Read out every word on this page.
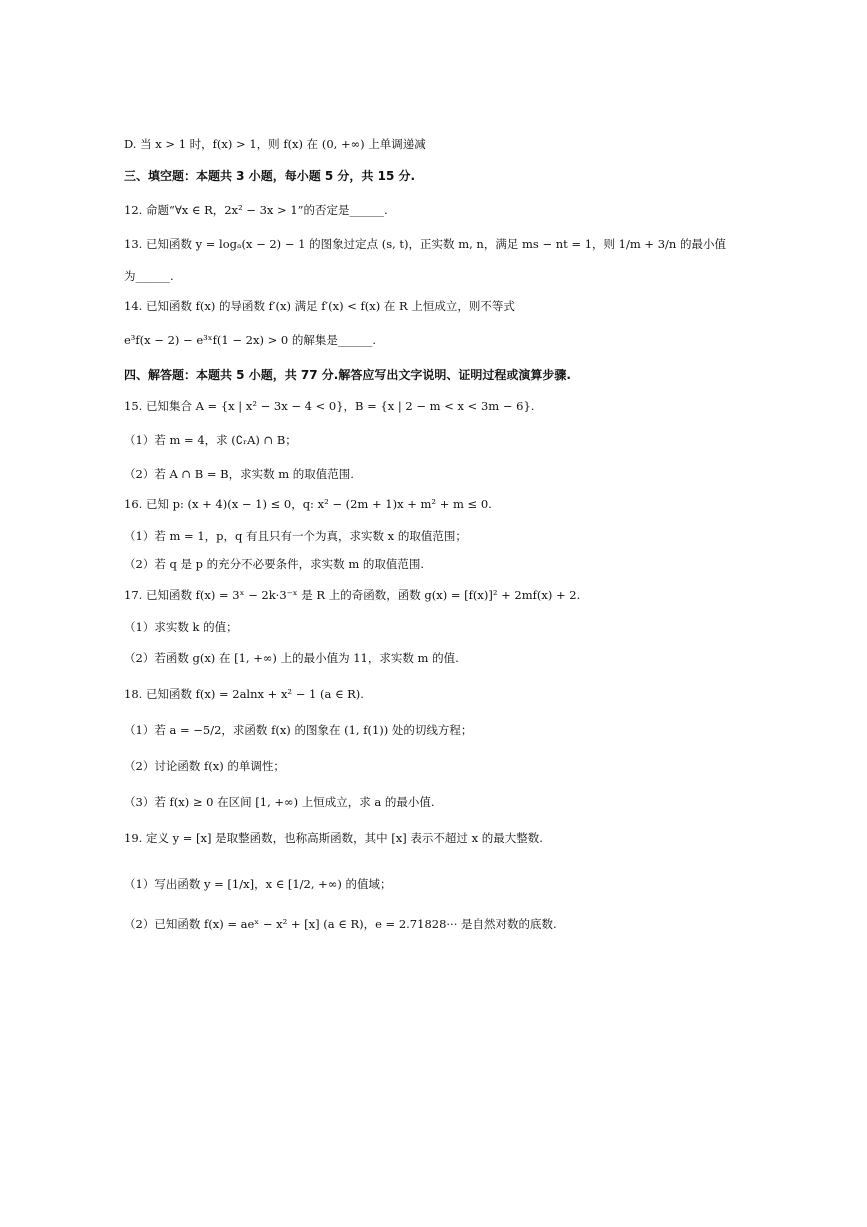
D. 当 x > 1 时，f(x) > 1，则 f(x) 在 (0, +∞) 上单调递减
三、填空题：本题共 3 小题，每小题 5 分，共 15 分.
12. 命题“∀x ∈ R，2x² − 3x > 1”的否定是______.
13. 已知函数 y = logₐ(x − 2) − 1 的图象过定点 (s, t)，正实数 m, n，满足 ms − nt = 1，则 1/m + 3/n 的最小值
为______.
14. 已知函数 f(x) 的导函数 f′(x) 满足 f′(x) < f(x) 在 R 上恒成立，则不等式
e³f(x − 2) − e³ˣf(1 − 2x) > 0 的解集是______.
四、解答题：本题共 5 小题，共 77 分.解答应写出文字说明、证明过程或演算步骤.
15. 已知集合 A = {x | x² − 3x − 4 < 0}，B = {x | 2 − m < x < 3m − 6}.
（1）若 m = 4，求 (∁ᵣA) ∩ B；
（2）若 A ∩ B = B，求实数 m 的取值范围.
16. 已知 p: (x + 4)(x − 1) ≤ 0，q: x² − (2m + 1)x + m² + m ≤ 0.
（1）若 m = 1，p，q 有且只有一个为真，求实数 x 的取值范围；
（2）若 q 是 p 的充分不必要条件，求实数 m 的取值范围.
17. 已知函数 f(x) = 3ˣ − 2k·3⁻ˣ 是 R 上的奇函数，函数 g(x) = [f(x)]² + 2mf(x) + 2.
（1）求实数 k 的值；
（2）若函数 g(x) 在 [1, +∞) 上的最小值为 11，求实数 m 的值.
18. 已知函数 f(x) = 2alnx + x² − 1 (a ∈ R).
（1）若 a = −5/2，求函数 f(x) 的图象在 (1, f(1)) 处的切线方程；
（2）讨论函数 f(x) 的单调性；
（3）若 f(x) ≥ 0 在区间 [1, +∞) 上恒成立，求 a 的最小值.
19. 定义 y = [x] 是取整函数，也称高斯函数，其中 [x] 表示不超过 x 的最大整数.
（1）写出函数 y = [1/x]，x ∈ [1/2, +∞) 的值域；
（2）已知函数 f(x) = aeˣ − x² + [x] (a ∈ R)，e = 2.71828··· 是自然对数的底数.
